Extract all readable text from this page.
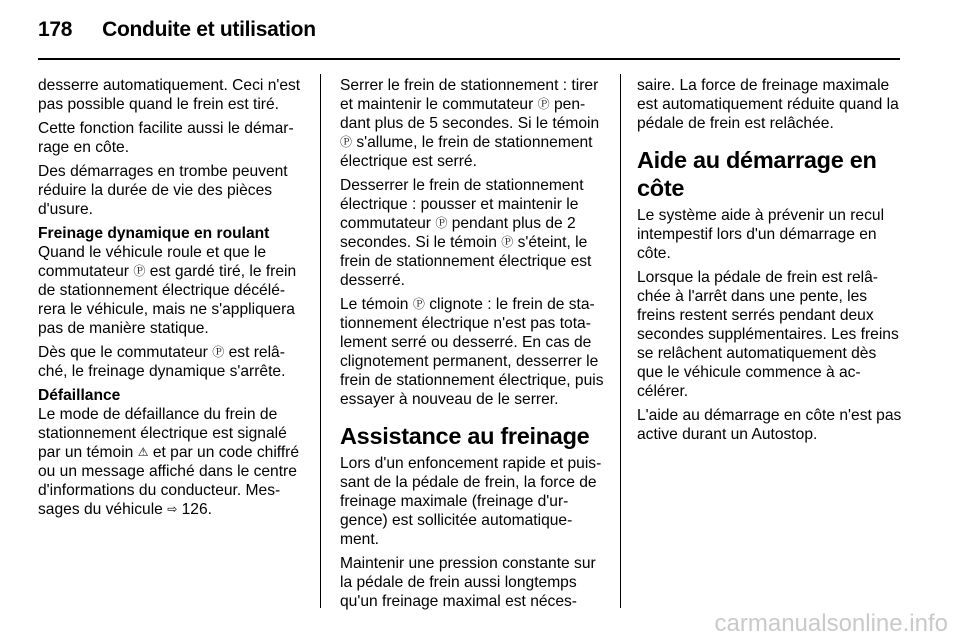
178 Conduite et utilisation

desserre automatiquement. Ceci n'est pas possible quand le frein est tiré.

Cette fonction facilite aussi le démar-rage en côte.

Des démarrages en trombe peuvent réduire la durée de vie des pièces d'usure.

Freinage dynamique en roulant

Quand le véhicule roule et que le commutateur Ⓟ est gardé tiré, le frein de stationnement électrique décélé-rera le véhicule, mais ne s'appliquera pas de manière statique.

Dès que le commutateur Ⓟ est relâ-ché, le freinage dynamique s'arrête.

Défaillance

Le mode de défaillance du frein de stationnement électrique est signalé par un témoin ⚠ et par un code chiffré ou un message affiché dans le centre d'informations du conducteur. Mes-sages du véhicule ⇨ 126.

Serrer le frein de stationnement : tirer et maintenir le commutateur Ⓟ pen-dant plus de 5 secondes. Si le témoin Ⓟ s'allume, le frein de stationnement électrique est serré.

Desserrer le frein de stationnement électrique : pousser et maintenir le commutateur Ⓟ pendant plus de 2 secondes. Si le témoin Ⓟ s'éteint, le frein de stationnement électrique est desserré.

Le témoin Ⓟ clignote : le frein de sta-tionnement électrique n'est pas tota-lement serré ou desserré. En cas de clignotement permanent, desserrer le frein de stationnement électrique, puis essayer à nouveau de le serrer.

Assistance au freinage

Lors d'un enfoncement rapide et puis-sant de la pédale de frein, la force de freinage maximale (freinage d'ur-gence) est sollicitée automatique-ment.

Maintenir une pression constante sur la pédale de frein aussi longtemps qu'un freinage maximal est néces-

saire. La force de freinage maximale est automatiquement réduite quand la pédale de frein est relâchée.

Aide au démarrage en côte

Le système aide à prévenir un recul intempestif lors d'un démarrage en côte.

Lorsque la pédale de frein est relâ-chée à l'arrêt dans une pente, les freins restent serrés pendant deux secondes supplémentaires. Les freins se relâchent automatiquement dès que le véhicule commence à ac-célérer.

L'aide au démarrage en côte n'est pas active durant un Autostop.

carmanualsonline.info
